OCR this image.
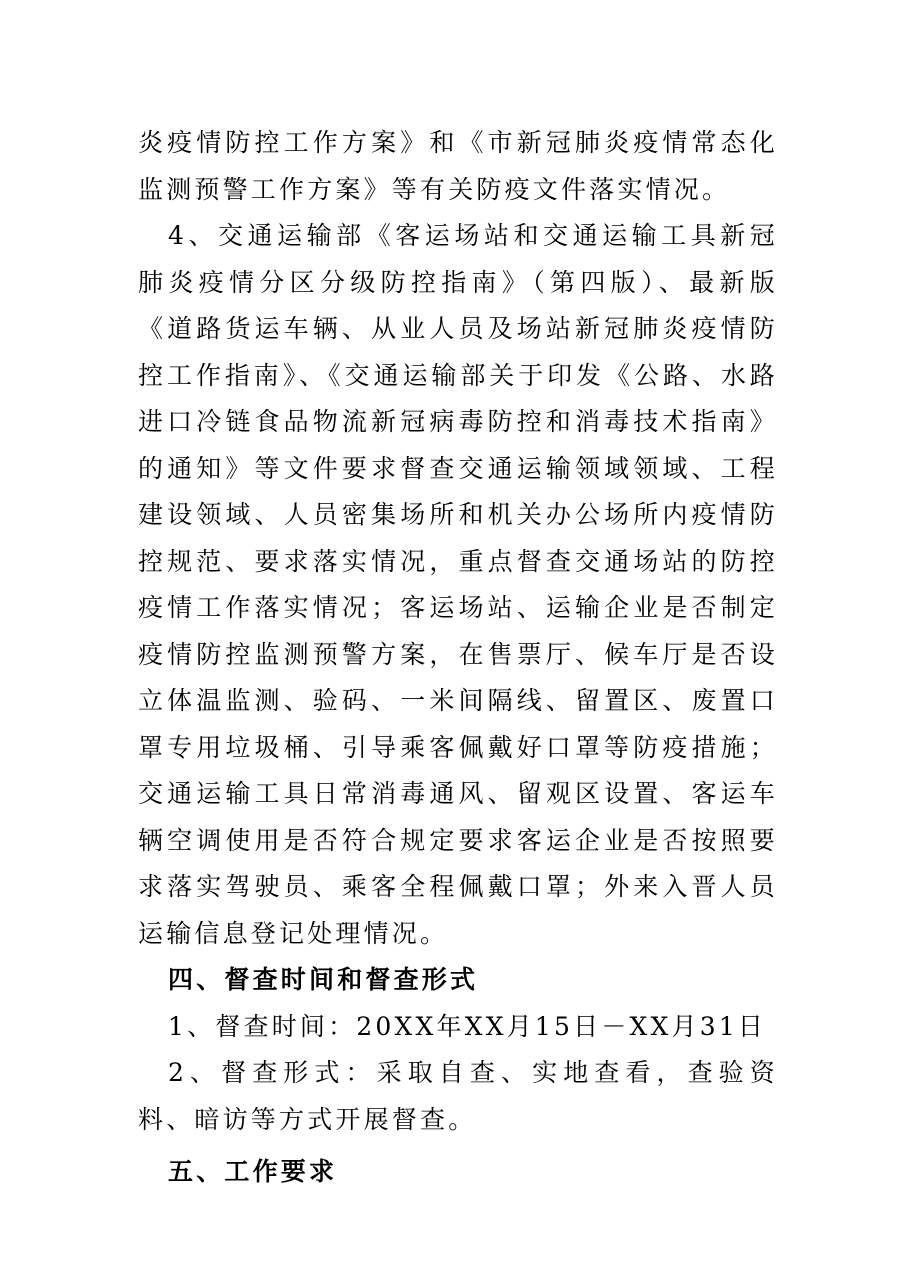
炎疫情防控工作方案》和《市新冠肺炎疫情常态化监测预警工作方案》等有关防疫文件落实情况。

4、交通运输部《客运场站和交通运输工具新冠肺炎疫情分区分级防控指南》（第四版）、最新版《道路货运车辆、从业人员及场站新冠肺炎疫情防控工作指南》、《交通运输部关于印发《公路、水路进口冷链食品物流新冠病毒防控和消毒技术指南》的通知》等文件要求督查交通运输领域领域、工程建设领域、人员密集场所和机关办公场所内疫情防控规范、要求落实情况，重点督查交通场站的防控疫情工作落实情况；客运场站、运输企业是否制定疫情防控监测预警方案，在售票厅、候车厅是否设立体温监测、验码、一米间隔线、留置区、废置口罩专用垃圾桶、引导乘客佩戴好口罩等防疫措施；交通运输工具日常消毒通风、留观区设置、客运车辆空调使用是否符合规定要求客运企业是否按照要求落实驾驶员、乘客全程佩戴口罩；外来入晋人员运输信息登记处理情况。

四、督查时间和督查形式

1、督查时间：20XX年XX月15日－XX月31日

2、督查形式：采取自查、实地查看，查验资料、暗访等方式开展督查。

五、工作要求
